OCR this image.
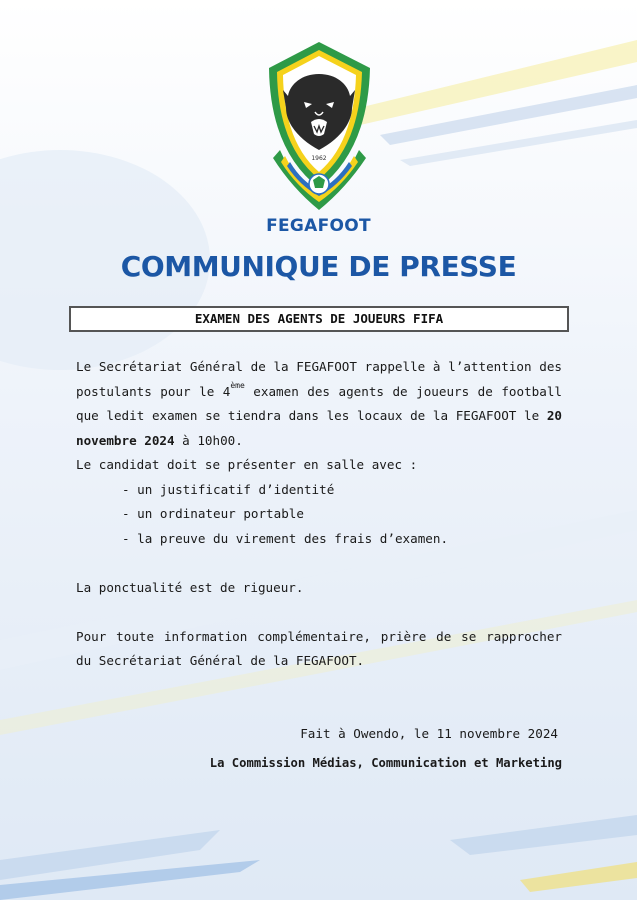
1962
FEGAFOOT
COMMUNIQUE DE PRESSE
EXAMEN DES AGENTS DE JOUEURS FIFA
Le Secrétariat Général de la FEGAFOOT rappelle à l’attention des postulants pour le 4ème examen des agents de joueurs de football que ledit examen se tiendra dans les locaux de la FEGAFOOT le 20 novembre 2024 à 10h00.
Le candidat doit se présenter en salle avec :
- un justificatif d’identité
- un ordinateur portable
- la preuve du virement des frais d’examen.
La ponctualité est de rigueur.
Pour toute information complémentaire, prière de se rapprocher du Secrétariat Général de la FEGAFOOT.
Fait à Owendo, le 11 novembre 2024
La Commission Médias, Communication et Marketing
